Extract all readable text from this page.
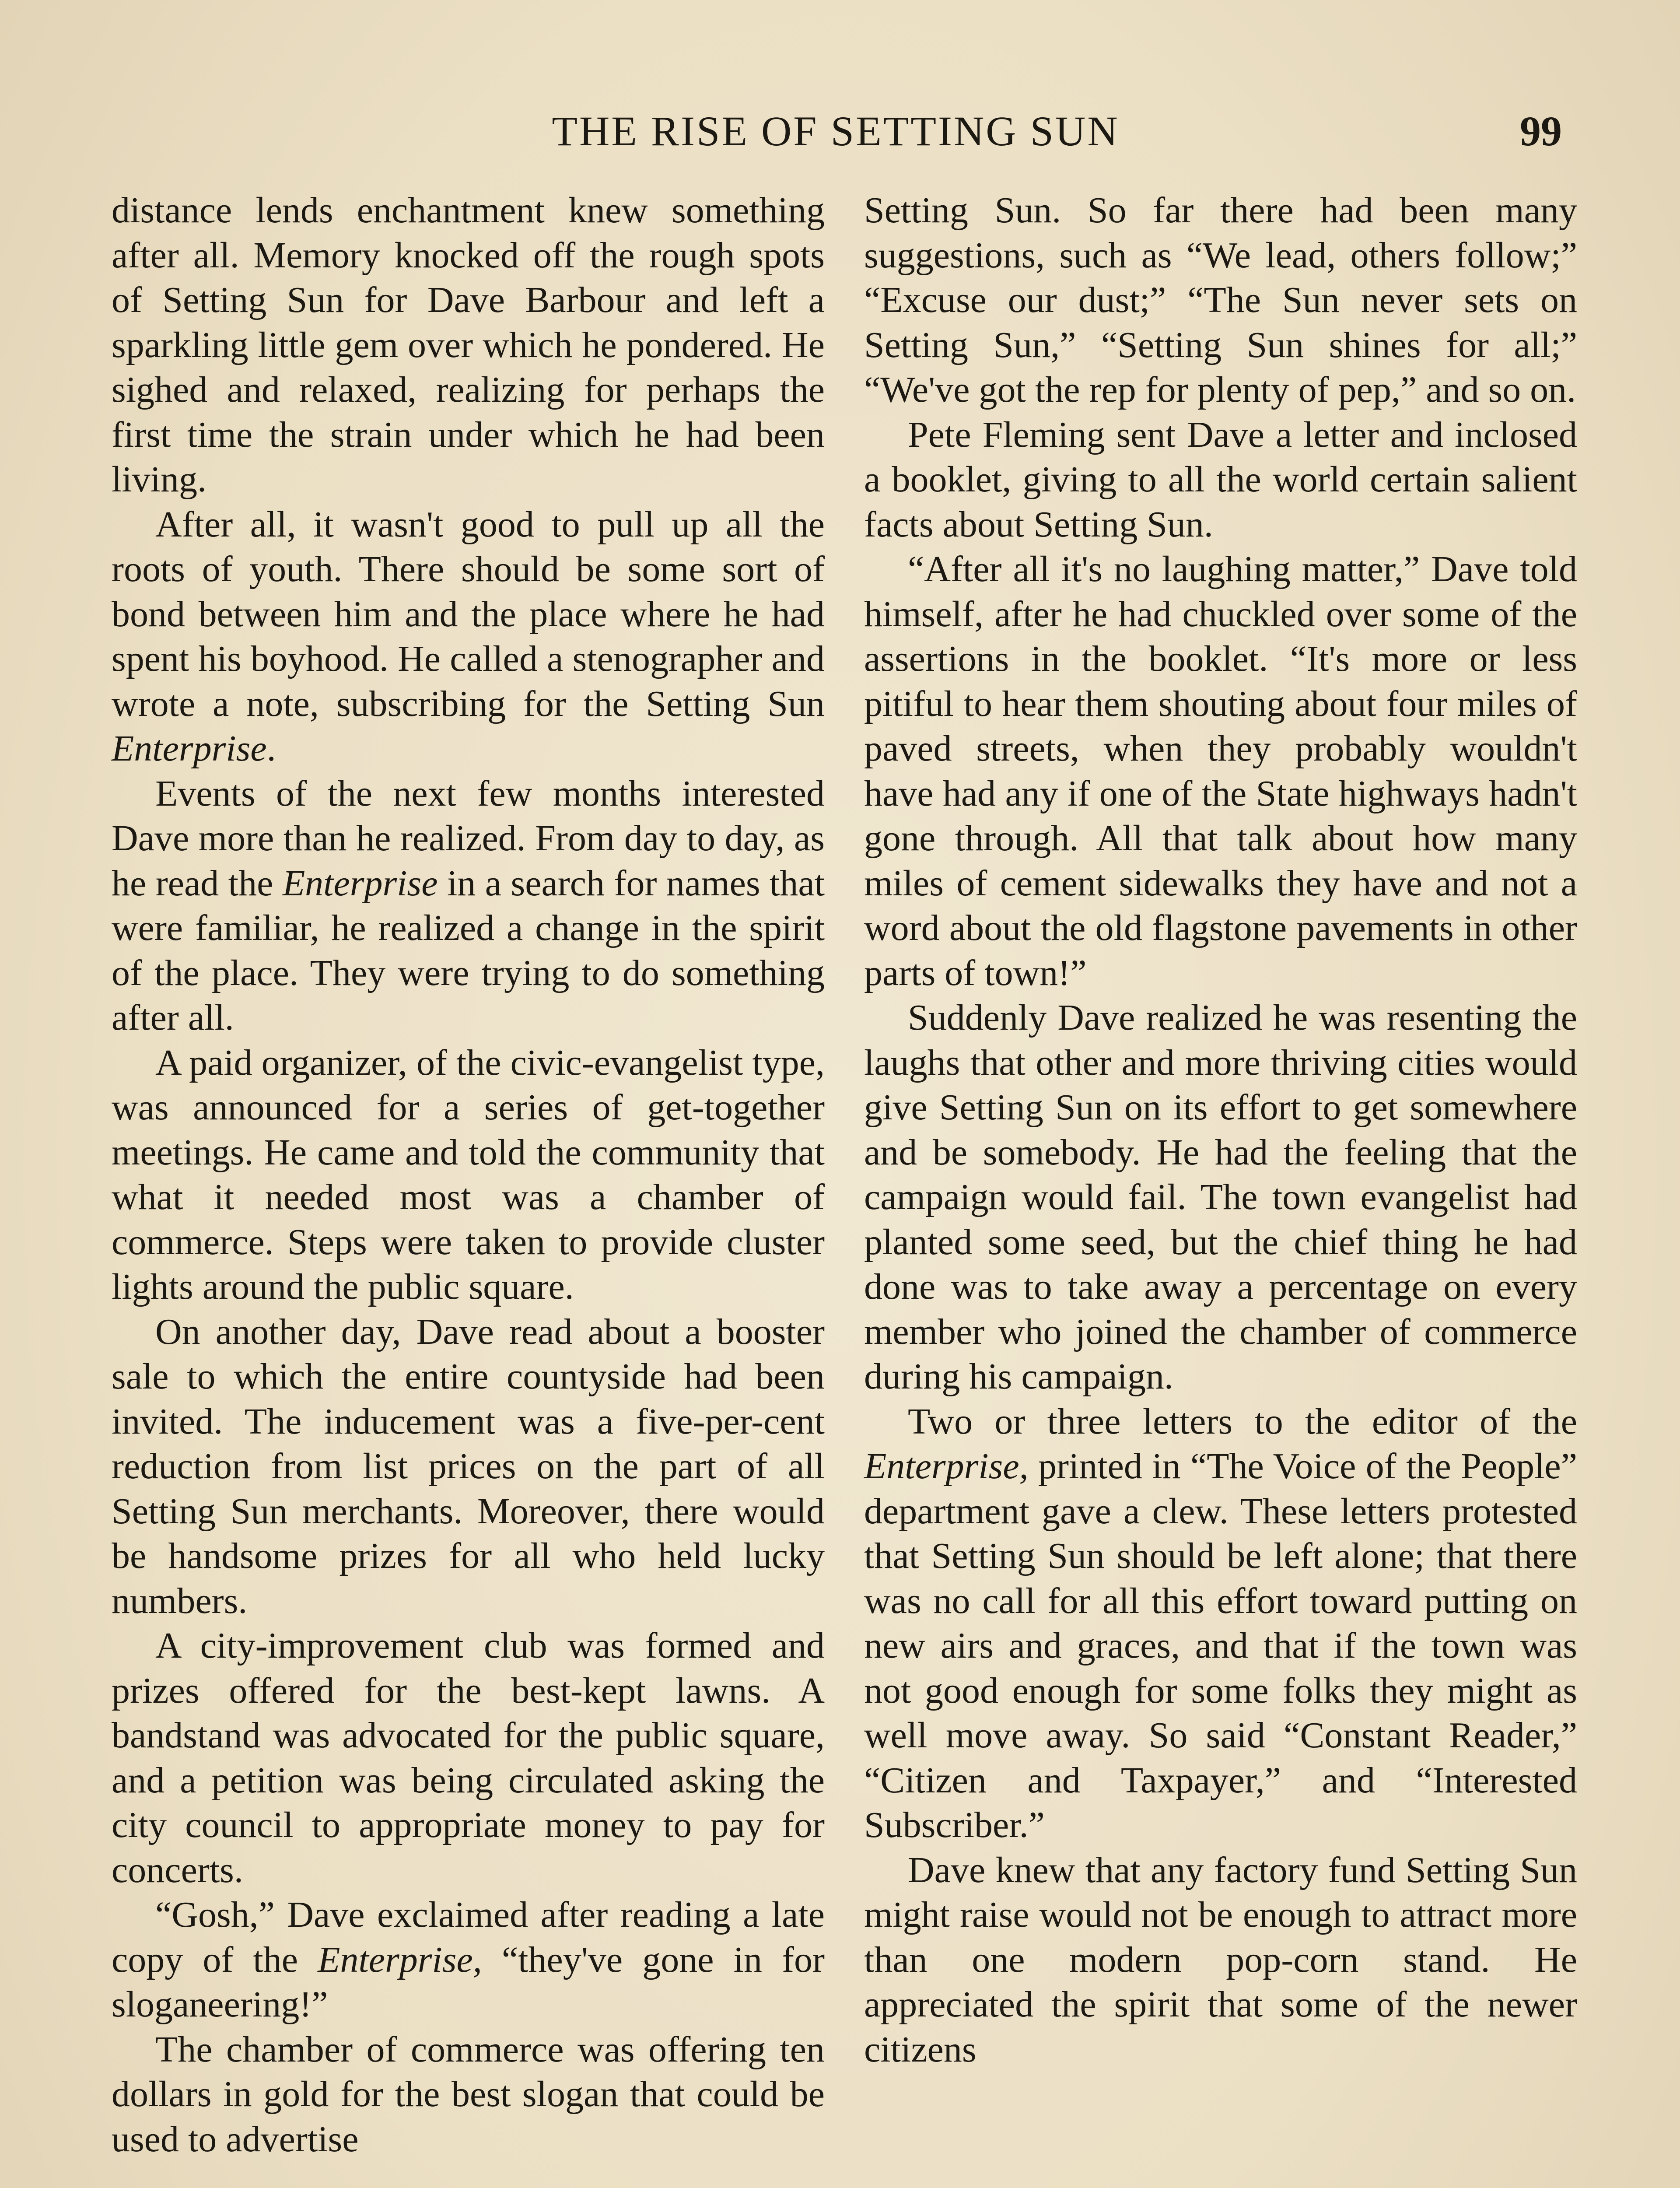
THE RISE OF SETTING SUN	99

distance lends enchantment knew something after all. Memory knocked off the rough spots of Setting Sun for Dave Barbour and left a sparkling little gem over which he pondered. He sighed and relaxed, realizing for perhaps the first time the strain under which he had been living.

After all, it wasn't good to pull up all the roots of youth. There should be some sort of bond between him and the place where he had spent his boyhood. He called a stenographer and wrote a note, subscribing for the Setting Sun Enterprise.

Events of the next few months interested Dave more than he realized. From day to day, as he read the Enterprise in a search for names that were familiar, he realized a change in the spirit of the place. They were trying to do something after all.

A paid organizer, of the civic-evangelist type, was announced for a series of get-together meetings. He came and told the community that what it needed most was a chamber of commerce. Steps were taken to provide cluster lights around the public square.

On another day, Dave read about a booster sale to which the entire countyside had been invited. The inducement was a five-per-cent reduction from list prices on the part of all Setting Sun merchants. Moreover, there would be handsome prizes for all who held lucky numbers.

A city-improvement club was formed and prizes offered for the best-kept lawns. A bandstand was advocated for the public square, and a petition was being circulated asking the city council to appropriate money to pay for concerts.

“Gosh,” Dave exclaimed after reading a late copy of the Enterprise, “they've gone in for sloganeering!”

The chamber of commerce was offering ten dollars in gold for the best slogan that could be used to advertise

Setting Sun. So far there had been many suggestions, such as “We lead, others follow;” “Excuse our dust;” “The Sun never sets on Setting Sun,” “Setting Sun shines for all;” “We've got the rep for plenty of pep,” and so on.

Pete Fleming sent Dave a letter and inclosed a booklet, giving to all the world certain salient facts about Setting Sun.

“After all it's no laughing matter,” Dave told himself, after he had chuckled over some of the assertions in the booklet. “It's more or less pitiful to hear them shouting about four miles of paved streets, when they probably wouldn't have had any if one of the State highways hadn't gone through. All that talk about how many miles of cement sidewalks they have and not a word about the old flagstone pavements in other parts of town!”

Suddenly Dave realized he was resenting the laughs that other and more thriving cities would give Setting Sun on its effort to get somewhere and be somebody. He had the feeling that the campaign would fail. The town evangelist had planted some seed, but the chief thing he had done was to take away a percentage on every member who joined the chamber of commerce during his campaign.

Two or three letters to the editor of the Enterprise, printed in “The Voice of the People” department gave a clew. These letters protested that Setting Sun should be left alone; that there was no call for all this effort toward putting on new airs and graces, and that if the town was not good enough for some folks they might as well move away. So said “Constant Reader,” “Citizen and Taxpayer,” and “Interested Subscriber.”

Dave knew that any factory fund Setting Sun might raise would not be enough to attract more than one modern pop-corn stand. He appreciated the spirit that some of the newer citizens
